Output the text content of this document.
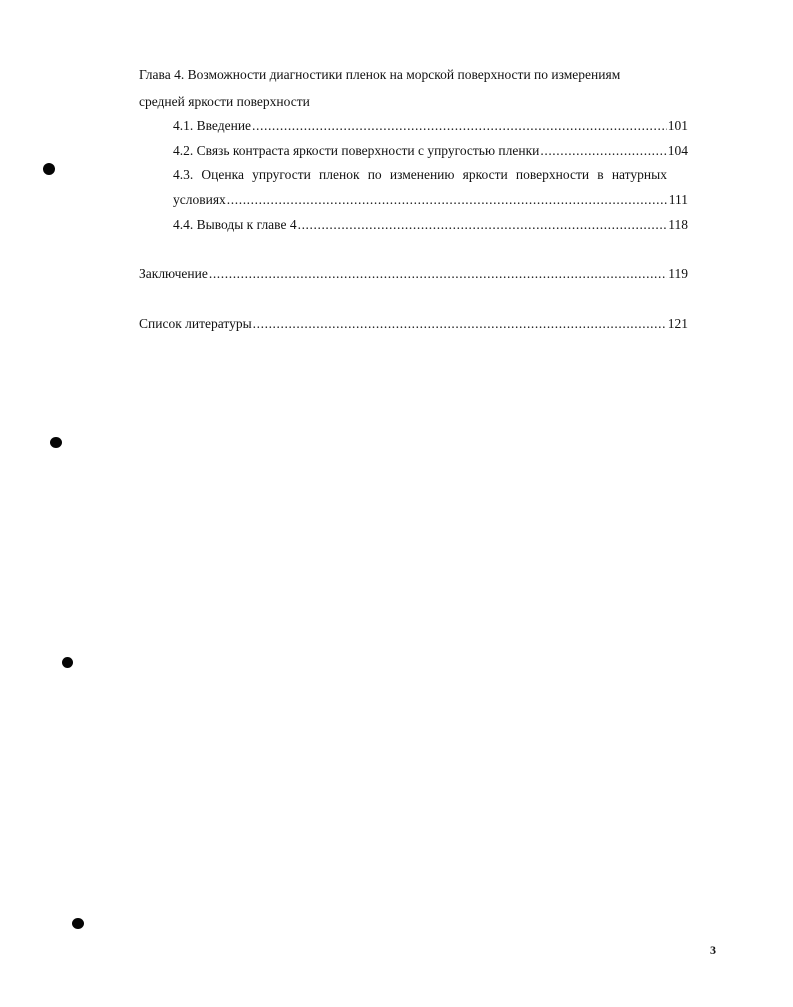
Глава 4. Возможности диагностики пленок на морской поверхности по измерениям
средней яркости поверхности
4.1. Введение .....	101
4.2. Связь контраста яркости поверхности с упругостью пленки .....	104
4.3. Оценка упругости пленок по изменению яркости поверхности в натурных
условиях .....	111
4.4. Выводы к главе 4 .....	118
Заключение .....	119
Список литературы .....	121
3
